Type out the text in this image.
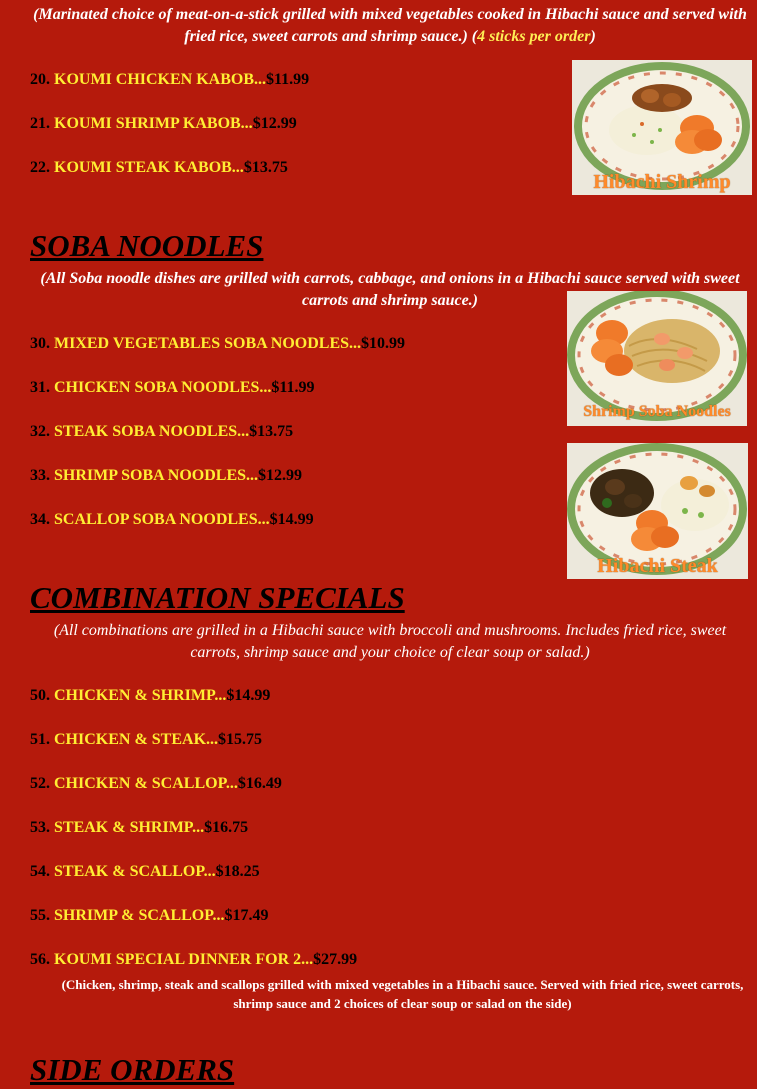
(Marinated choice of meat-on-a-stick grilled with mixed vegetables cooked in Hibachi sauce and served with fried rice, sweet carrots and shrimp sauce.) (4 sticks per order)
20. KOUMI CHICKEN KABOB...$11.99
21. KOUMI SHRIMP KABOB...$12.99
22. KOUMI STEAK KABOB...$13.75
Hibachi Shrimp
SOBA NOODLES
(All Soba noodle dishes are grilled with carrots, cabbage, and onions in a Hibachi sauce served with sweet carrots and shrimp sauce.)
30. MIXED VEGETABLES SOBA NOODLES...$10.99
31. CHICKEN SOBA NOODLES...$11.99
32. STEAK SOBA NOODLES...$13.75
33. SHRIMP SOBA NOODLES...$12.99
34. SCALLOP SOBA NOODLES...$14.99
Shrimp Soba Noodles
Hibachi Steak
COMBINATION SPECIALS
(All combinations are grilled in a Hibachi sauce with broccoli and mushrooms. Includes fried rice, sweet carrots, shrimp sauce and your choice of clear soup or salad.)
50. CHICKEN & SHRIMP...$14.99
51. CHICKEN & STEAK...$15.75
52. CHICKEN & SCALLOP...$16.49
53. STEAK & SHRIMP...$16.75
54. STEAK & SCALLOP...$18.25
55. SHRIMP & SCALLOP...$17.49
56. KOUMI SPECIAL DINNER FOR 2...$27.99
(Chicken, shrimp, steak and scallops grilled with mixed vegetables in a Hibachi sauce. Served with fried rice, sweet carrots, shrimp sauce and 2 choices of clear soup or salad on the side)
SIDE ORDERS
